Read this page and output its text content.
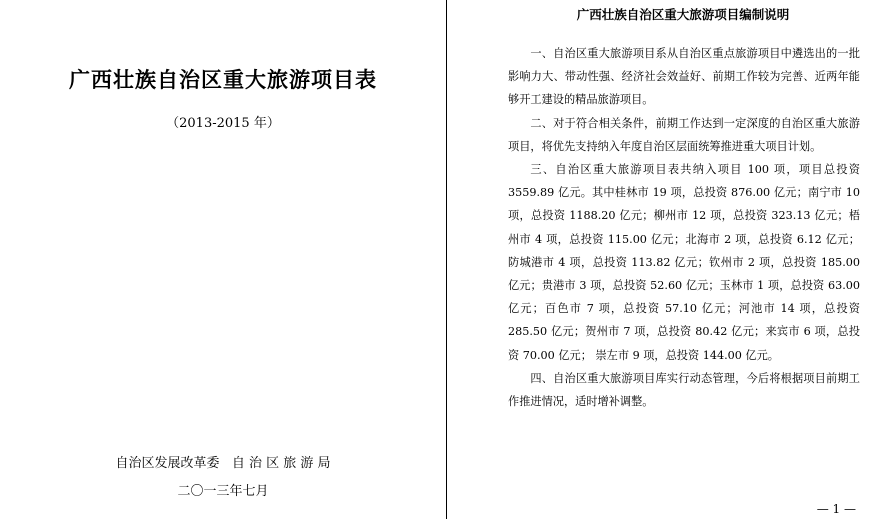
广西壮族自治区重大旅游项目表
（2013-2015 年）
自治区发展改革委   自 治 区 旅 游 局
二〇一三年七月
广西壮族自治区重大旅游项目编制说明

一、自治区重大旅游项目系从自治区重点旅游项目中遴选出的一批影响力大、带动性强、经济社会效益好、前期工作较为完善、近两年能够开工建设的精品旅游项目。

二、对于符合相关条件，前期工作达到一定深度的自治区重大旅游项目，将优先支持纳入年度自治区层面统筹推进重大项目计划。

三、自治区重大旅游项目表共纳入项目 100 项，项目总投资 3559.89 亿元。其中桂林市 19 项，总投资 876.00 亿元；南宁市 10 项，总投资 1188.20 亿元；柳州市 12 项，总投资 323.13 亿元；梧州市 4 项，总投资 115.00 亿元；北海市 2 项，总投资 6.12 亿元；防城港市 4 项，总投资 113.82 亿元；钦州市 2 项，总投资 185.00 亿元；贵港市 3 项，总投资 52.60 亿元；玉林市 1 项，总投资 63.00 亿元；百色市 7 项，总投资 57.10 亿元；河池市 14 项，总投资 285.50 亿元；贺州市 7 项，总投资 80.42 亿元；来宾市 6 项，总投资 70.00 亿元； 崇左市 9 项，总投资 144.00 亿元。

四、自治区重大旅游项目库实行动态管理，今后将根据项目前期工作推进情况，适时增补调整。

— 1 —
